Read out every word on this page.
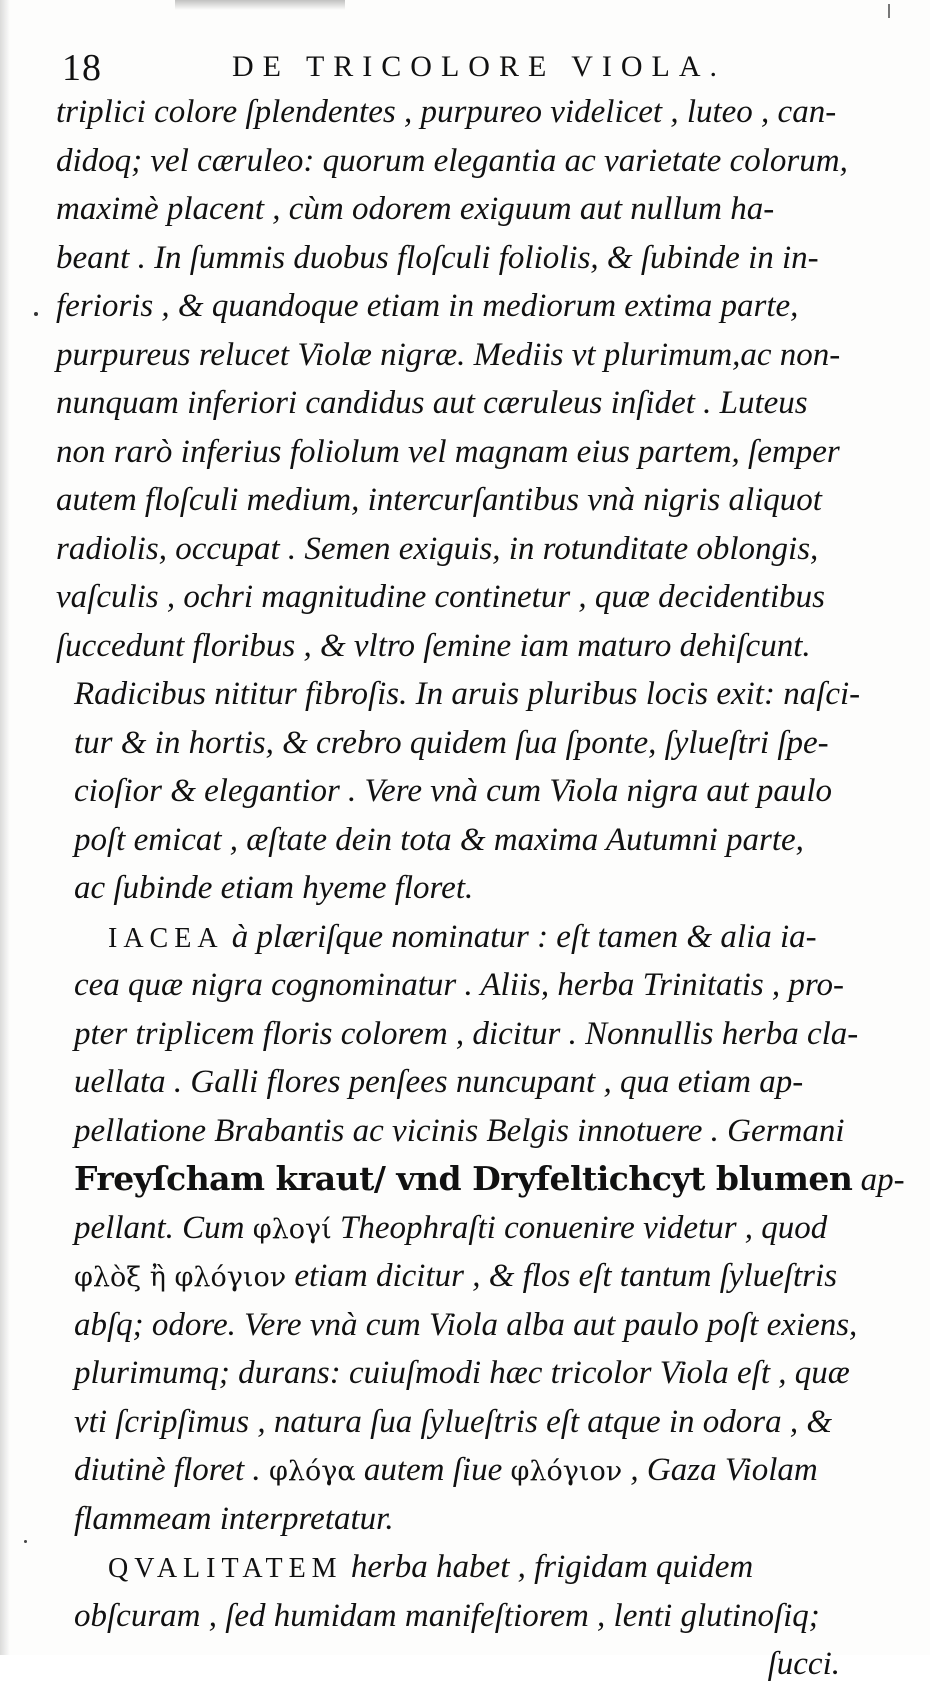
18	DE TRICOLORE VIOLA.
triplici colore ſplendentes , purpureo videlicet , luteo , can-
didoq; vel cæruleo: quorum elegantia ac varietate colorum,
maximè placent , cùm odorem exiguum aut nullum ha-
beant . In ſummis duobus floſculi foliolis, & ſubinde in in-
ferioris , & quandoque etiam in mediorum extima parte,
purpureus relucet Violæ nigræ. Mediis vt plurimum,ac non-
nunquam inferiori candidus aut cæruleus inſidet . Luteus
non rarò inferius foliolum vel magnam eius partem, ſemper
autem floſculi medium, intercurſantibus vnà nigris aliquot
radiolis, occupat . Semen exiguis, in rotunditate oblongis,
vaſculis , ochri magnitudine continetur , quæ decidentibus
ſuccedunt floribus , & vltro ſemine iam maturo dehiſcunt.
Radicibus nititur fibroſis. In aruis pluribus locis exit: naſci-
tur & in hortis, & crebro quidem ſua ſponte, ſylueſtri ſpe-
cioſior & elegantior . Vere vnà cum Viola nigra aut paulo
poſt emicat , æſtate dein tota & maxima Autumni parte,
ac ſubinde etiam hyeme floret.
IACEA à plæriſque nominatur : eſt tamen & alia ia-
cea quæ nigra cognominatur . Aliis, herba Trinitatis , pro-
pter triplicem floris colorem , dicitur . Nonnullis herba cla-
uellata . Galli flores penſees nuncupant , qua etiam ap-
pellatione Brabantis ac vicinis Belgis innotuere . Germani
Freyſcham kraut/ vnd Dryfeltichcyt blumen ap-
pellant. Cum φλογί Theophraſti conuenire videtur , quod
φλὸξ ἢ φλόγιον etiam dicitur , & flos eſt tantum ſylueſtris
abſq; odore. Vere vnà cum Viola alba aut paulo poſt exiens,
plurimumq; durans: cuiuſmodi hæc tricolor Viola eſt , quæ
vti ſcripſimus , natura ſua ſylueſtris eſt atque in odora , &
diutinè floret . φλόγα autem ſiue φλόγιον , Gaza Violam
flammeam interpretatur.
QVALITATEM herba habet , frigidam quidem
obſcuram , ſed humidam manifeſtiorem , lenti glutinoſiq;
ſucci.
